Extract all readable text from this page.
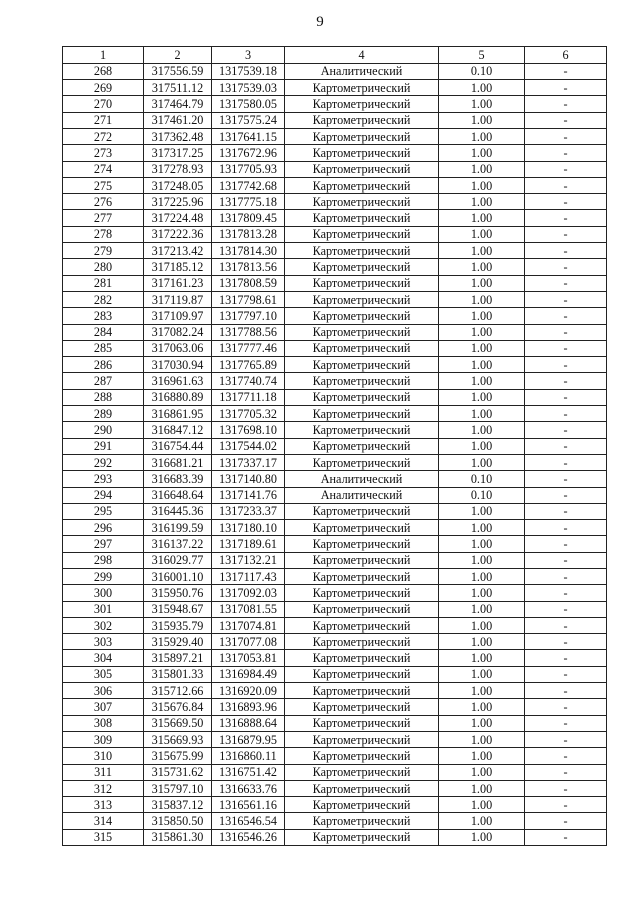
9
1	2	3	4	5	6
268	317556.59	1317539.18	Аналитический	0.10	-
269	317511.12	1317539.03	Картометрический	1.00	-
270	317464.79	1317580.05	Картометрический	1.00	-
271	317461.20	1317575.24	Картометрический	1.00	-
272	317362.48	1317641.15	Картометрический	1.00	-
273	317317.25	1317672.96	Картометрический	1.00	-
274	317278.93	1317705.93	Картометрический	1.00	-
275	317248.05	1317742.68	Картометрический	1.00	-
276	317225.96	1317775.18	Картометрический	1.00	-
277	317224.48	1317809.45	Картометрический	1.00	-
278	317222.36	1317813.28	Картометрический	1.00	-
279	317213.42	1317814.30	Картометрический	1.00	-
280	317185.12	1317813.56	Картометрический	1.00	-
281	317161.23	1317808.59	Картометрический	1.00	-
282	317119.87	1317798.61	Картометрический	1.00	-
283	317109.97	1317797.10	Картометрический	1.00	-
284	317082.24	1317788.56	Картометрический	1.00	-
285	317063.06	1317777.46	Картометрический	1.00	-
286	317030.94	1317765.89	Картометрический	1.00	-
287	316961.63	1317740.74	Картометрический	1.00	-
288	316880.89	1317711.18	Картометрический	1.00	-
289	316861.95	1317705.32	Картометрический	1.00	-
290	316847.12	1317698.10	Картометрический	1.00	-
291	316754.44	1317544.02	Картометрический	1.00	-
292	316681.21	1317337.17	Картометрический	1.00	-
293	316683.39	1317140.80	Аналитический	0.10	-
294	316648.64	1317141.76	Аналитический	0.10	-
295	316445.36	1317233.37	Картометрический	1.00	-
296	316199.59	1317180.10	Картометрический	1.00	-
297	316137.22	1317189.61	Картометрический	1.00	-
298	316029.77	1317132.21	Картометрический	1.00	-
299	316001.10	1317117.43	Картометрический	1.00	-
300	315950.76	1317092.03	Картометрический	1.00	-
301	315948.67	1317081.55	Картометрический	1.00	-
302	315935.79	1317074.81	Картометрический	1.00	-
303	315929.40	1317077.08	Картометрический	1.00	-
304	315897.21	1317053.81	Картометрический	1.00	-
305	315801.33	1316984.49	Картометрический	1.00	-
306	315712.66	1316920.09	Картометрический	1.00	-
307	315676.84	1316893.96	Картометрический	1.00	-
308	315669.50	1316888.64	Картометрический	1.00	-
309	315669.93	1316879.95	Картометрический	1.00	-
310	315675.99	1316860.11	Картометрический	1.00	-
311	315731.62	1316751.42	Картометрический	1.00	-
312	315797.10	1316633.76	Картометрический	1.00	-
313	315837.12	1316561.16	Картометрический	1.00	-
314	315850.50	1316546.54	Картометрический	1.00	-
315	315861.30	1316546.26	Картометрический	1.00	-
